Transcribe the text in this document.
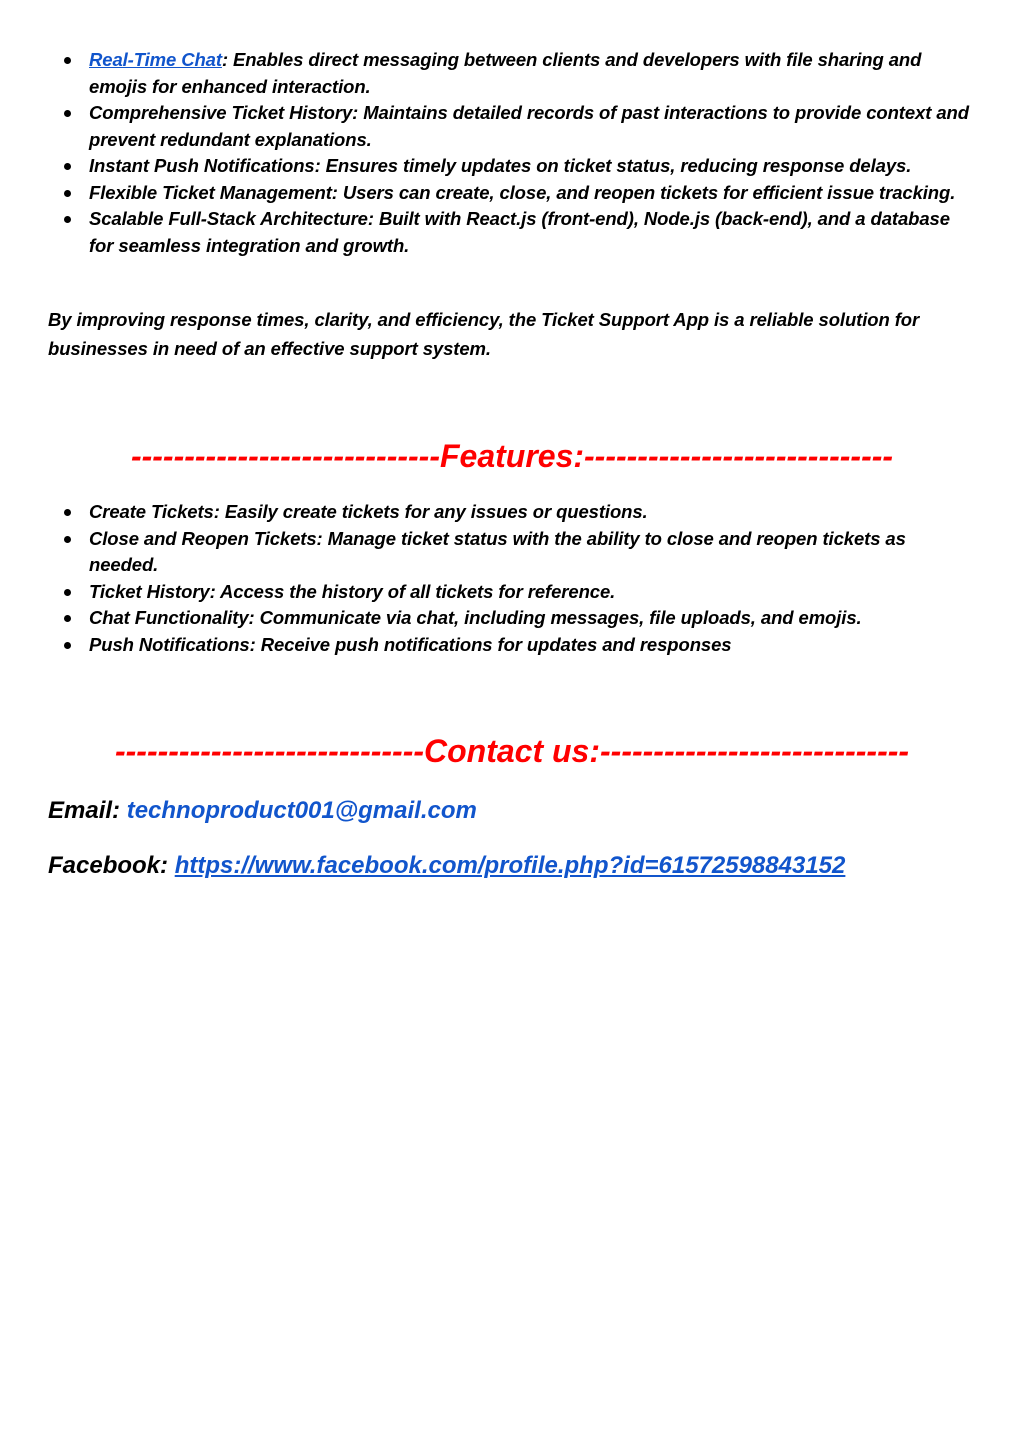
Real-Time Chat: Enables direct messaging between clients and developers with file sharing and emojis for enhanced interaction.
Comprehensive Ticket History: Maintains detailed records of past interactions to provide context and prevent redundant explanations.
Instant Push Notifications: Ensures timely updates on ticket status, reducing response delays.
Flexible Ticket Management: Users can create, close, and reopen tickets for efficient issue tracking.
Scalable Full-Stack Architecture: Built with React.js (front-end), Node.js (back-end), and a database for seamless integration and growth.
By improving response times, clarity, and efficiency, the Ticket Support App is a reliable solution for businesses in need of an effective support system.
-----------------------------Features:-----------------------------
Create Tickets: Easily create tickets for any issues or questions.
Close and Reopen Tickets: Manage ticket status with the ability to close and reopen tickets as needed.
Ticket History: Access the history of all tickets for reference.
Chat Functionality: Communicate via chat, including messages, file uploads, and emojis.
Push Notifications: Receive push notifications for updates and responses
-----------------------------Contact us:-----------------------------
Email: technoproduct001@gmail.com
Facebook: https://www.facebook.com/profile.php?id=61572598843152
